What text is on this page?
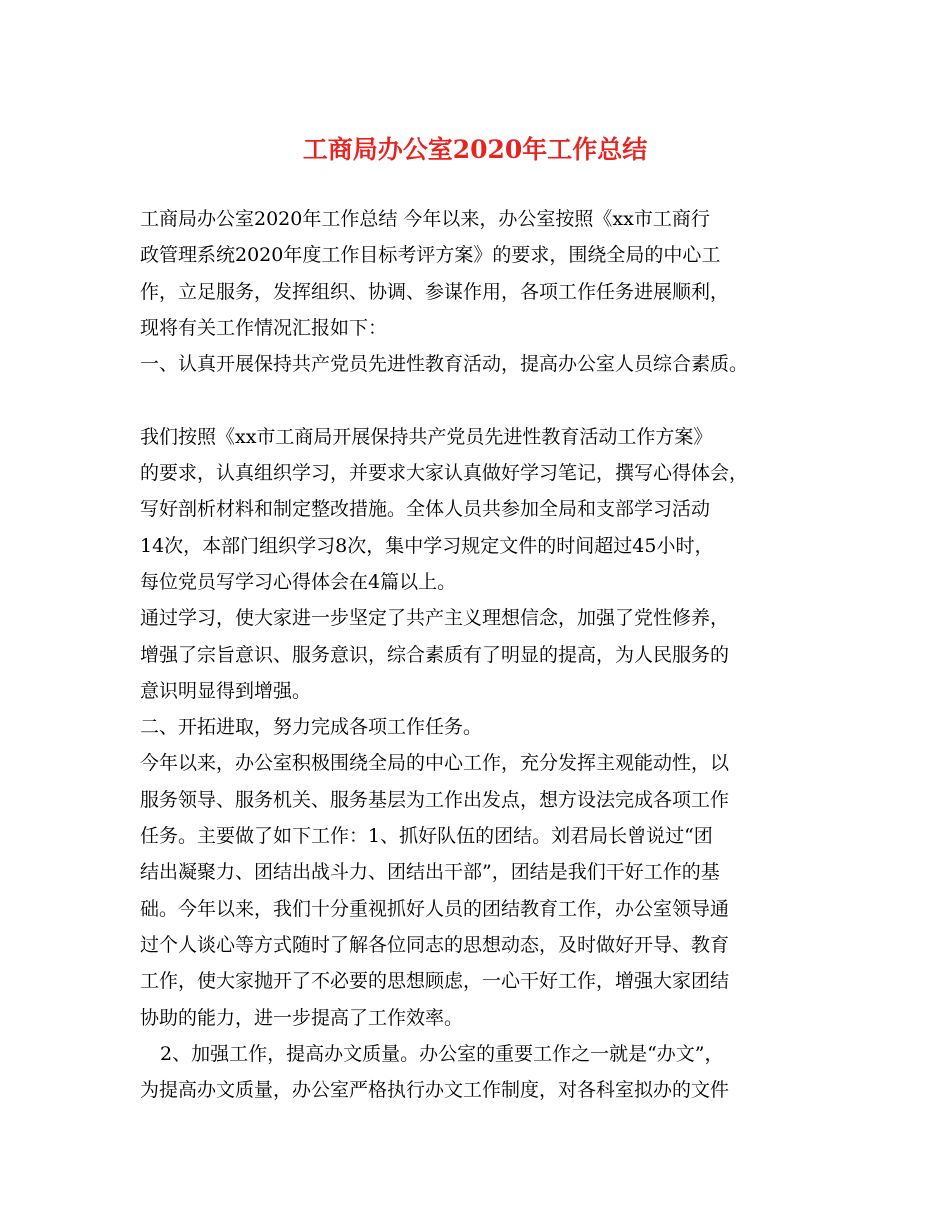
工商局办公室2020年工作总结
工商局办公室2020年工作总结 今年以来，办公室按照《xx市工商行
政管理系统2020年度工作目标考评方案》的要求，围绕全局的中心工
作，立足服务，发挥组织、协调、参谋作用，各项工作任务进展顺利，
现将有关工作情况汇报如下：
一、认真开展保持共产党员先进性教育活动，提高办公室人员综合素质。
我们按照《xx市工商局开展保持共产党员先进性教育活动工作方案》
的要求，认真组织学习，并要求大家认真做好学习笔记，撰写心得体会，
写好剖析材料和制定整改措施。全体人员共参加全局和支部学习活动
14次，本部门组织学习8次，集中学习规定文件的时间超过45小时，
每位党员写学习心得体会在4篇以上。
通过学习，使大家进一步坚定了共产主义理想信念，加强了党性修养，
增强了宗旨意识、服务意识，综合素质有了明显的提高，为人民服务的
意识明显得到增强。
二、开拓进取，努力完成各项工作任务。
今年以来，办公室积极围绕全局的中心工作，充分发挥主观能动性，以
服务领导、服务机关、服务基层为工作出发点，想方设法完成各项工作
任务。主要做了如下工作：1、抓好队伍的团结。刘君局长曾说过“团
结出凝聚力、团结出战斗力、团结出干部”，团结是我们干好工作的基
础。今年以来，我们十分重视抓好人员的团结教育工作，办公室领导通
过个人谈心等方式随时了解各位同志的思想动态，及时做好开导、教育
工作，使大家抛开了不必要的思想顾虑，一心干好工作，增强大家团结
协助的能力，进一步提高了工作效率。
2、加强工作，提高办文质量。办公室的重要工作之一就是“办文”，
为提高办文质量，办公室严格执行办文工作制度，对各科室拟办的文件
